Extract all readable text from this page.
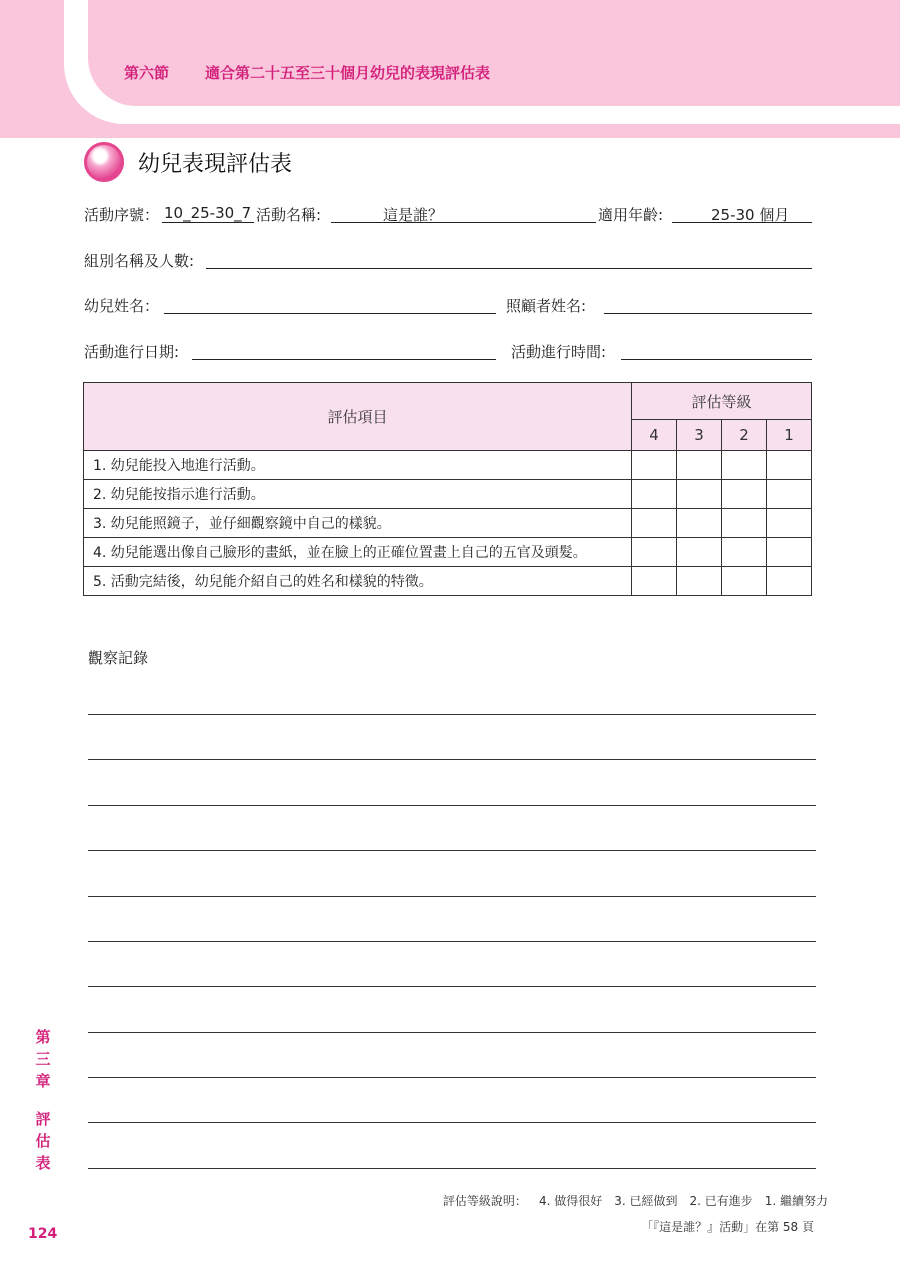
第六節 適合第二十五至三十個月幼兒的表現評估表
幼兒表現評估表
活動序號： 10_25-30_7 活動名稱:	這是誰？	適用年齡:	25-30 個月
組別名稱及人數:
幼兒姓名：	照顧者姓名:
活動進行日期:	活動進行時間:
評估項目	評估等級			
	4	3	2	1
1. 幼兒能投入地進行活動。				
2. 幼兒能按指示進行活動。				
3. 幼兒能照鏡子，並仔細觀察鏡中自己的樣貌。				
4. 幼兒能選出像自己臉形的畫紙，並在臉上的正確位置畫上自己的五官及頭髮。				
5. 活動完結後，幼兒能介紹自己的姓名和樣貌的特徵。				
觀察記錄
第三章
評估表
124
評估等級說明： 4. 做得很好 3. 已經做到 2. 已有進步 1. 繼續努力
「『這是誰？』活動」在第 58 頁
